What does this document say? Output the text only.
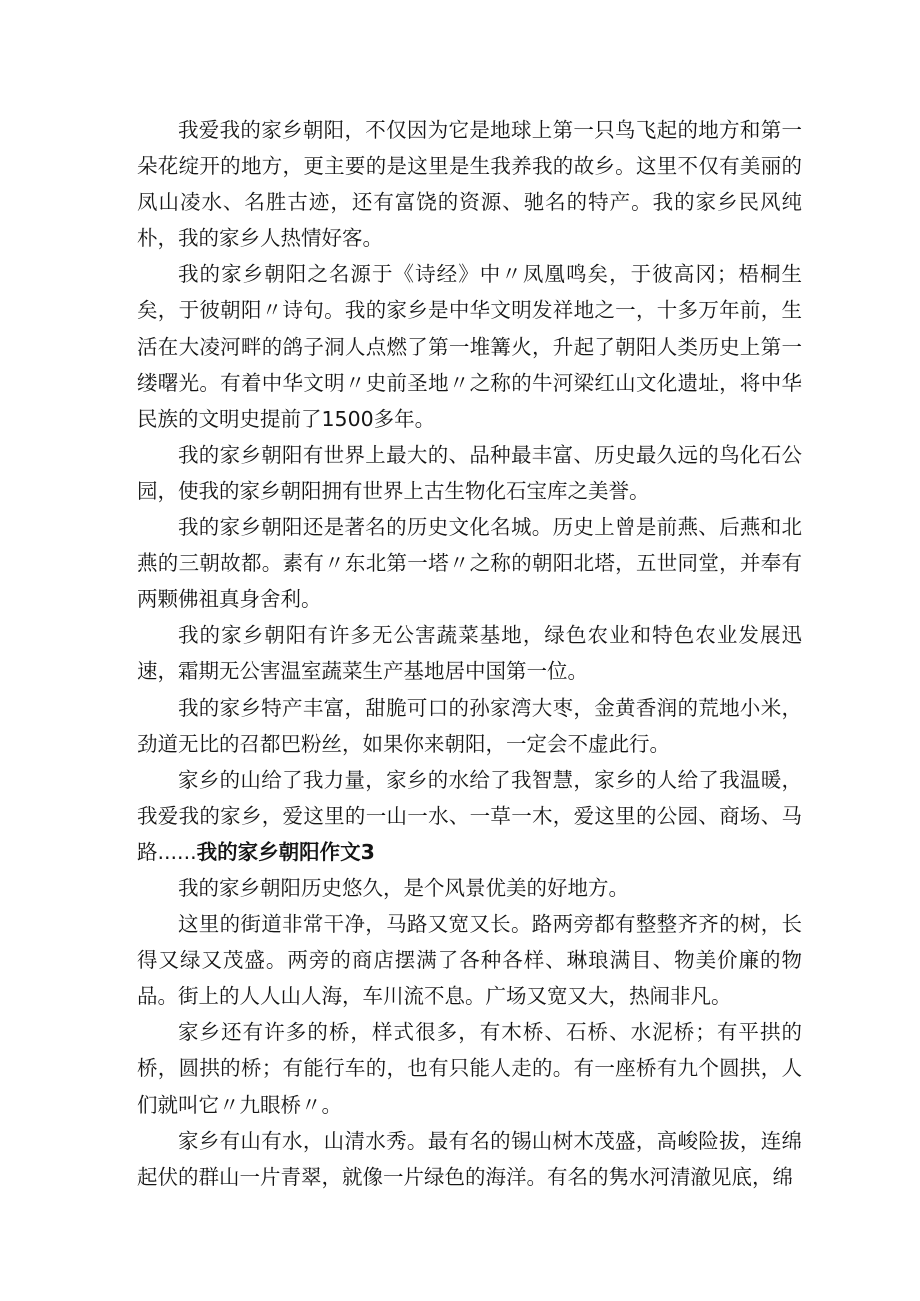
我爱我的家乡朝阳，不仅因为它是地球上第一只鸟飞起的地方和第一朵花绽开的地方，更主要的是这里是生我养我的故乡。这里不仅有美丽的凤山凌水、名胜古迹，还有富饶的资源、驰名的特产。我的家乡民风纯朴，我的家乡人热情好客。

我的家乡朝阳之名源于《诗经》中〃凤凰鸣矣，于彼高冈；梧桐生矣，于彼朝阳〃诗句。我的家乡是中华文明发祥地之一，十多万年前，生活在大凌河畔的鸽子洞人点燃了第一堆篝火，升起了朝阳人类历史上第一缕曙光。有着中华文明〃史前圣地〃之称的牛河梁红山文化遗址，将中华民族的文明史提前了1500多年。

我的家乡朝阳有世界上最大的、品种最丰富、历史最久远的鸟化石公园，使我的家乡朝阳拥有世界上古生物化石宝库之美誉。

我的家乡朝阳还是著名的历史文化名城。历史上曾是前燕、后燕和北燕的三朝故都。素有〃东北第一塔〃之称的朝阳北塔，五世同堂，并奉有两颗佛祖真身舍利。

我的家乡朝阳有许多无公害蔬菜基地，绿色农业和特色农业发展迅速，霜期无公害温室蔬菜生产基地居中国第一位。

我的家乡特产丰富，甜脆可口的孙家湾大枣，金黄香润的荒地小米，劲道无比的召都巴粉丝，如果你来朝阳，一定会不虚此行。

家乡的山给了我力量，家乡的水给了我智慧，家乡的人给了我温暖，我爱我的家乡，爱这里的一山一水、一草一木，爱这里的公园、商场、马路......我的家乡朝阳作文3

我的家乡朝阳历史悠久，是个风景优美的好地方。

这里的街道非常干净，马路又宽又长。路两旁都有整整齐齐的树，长得又绿又茂盛。两旁的商店摆满了各种各样、琳琅满目、物美价廉的物品。街上的人人山人海，车川流不息。广场又宽又大，热闹非凡。

家乡还有许多的桥，样式很多，有木桥、石桥、水泥桥；有平拱的桥，圆拱的桥；有能行车的，也有只能人走的。有一座桥有九个圆拱，人们就叫它〃九眼桥〃。

家乡有山有水，山清水秀。最有名的锡山树木茂盛，高峻险拔，连绵起伏的群山一片青翠，就像一片绿色的海洋。有名的隽水河清澈见底，绵
